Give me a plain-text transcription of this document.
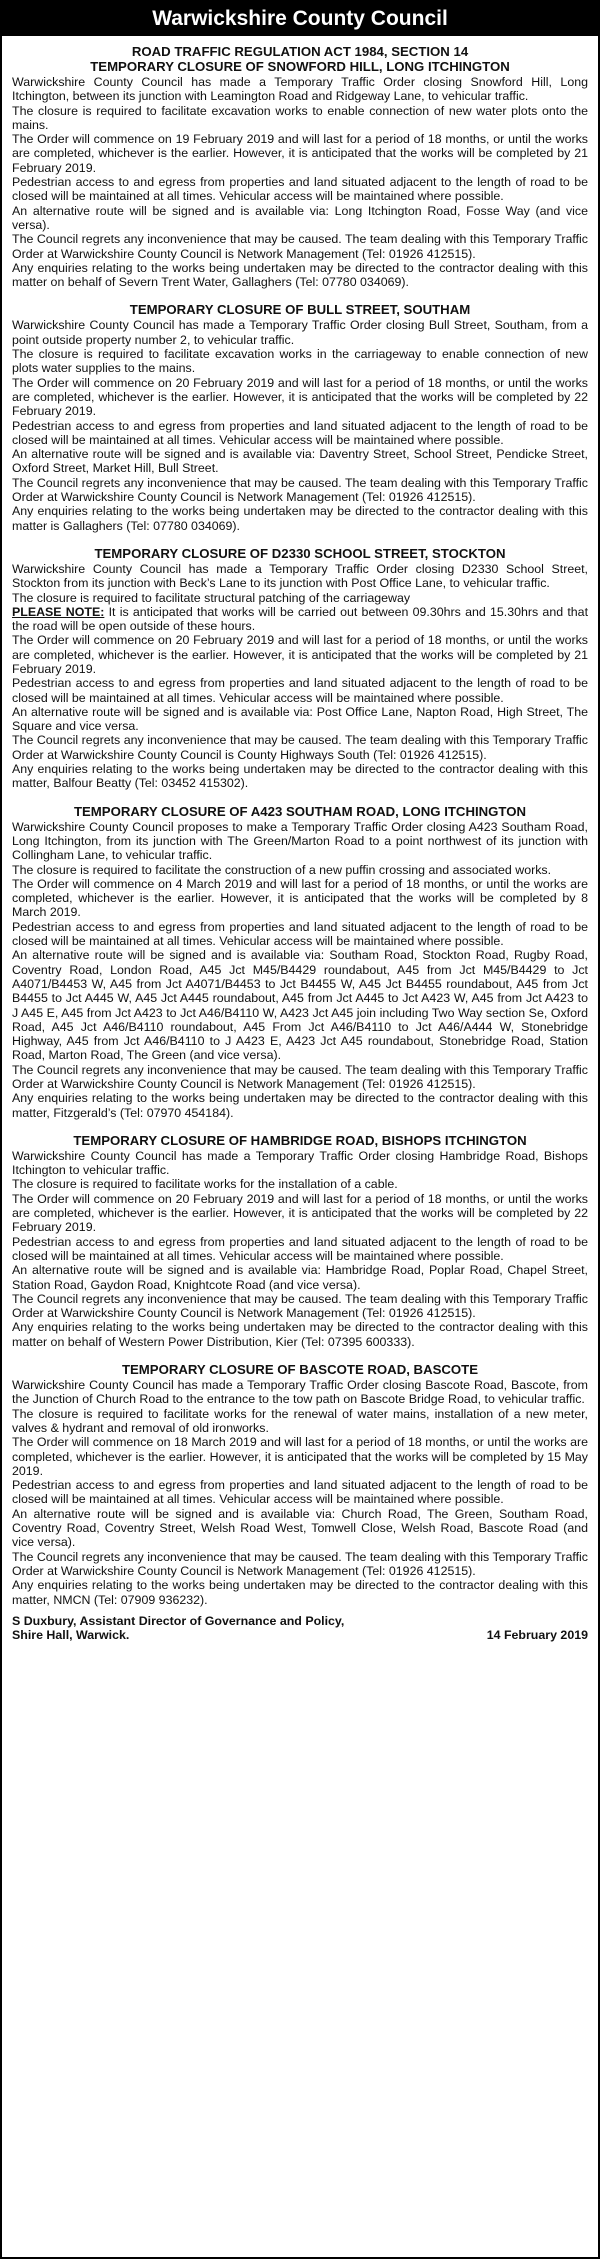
Warwickshire County Council
ROAD TRAFFIC REGULATION ACT 1984, SECTION 14
TEMPORARY CLOSURE OF SNOWFORD HILL, LONG ITCHINGTON

Warwickshire County Council has made a Temporary Traffic Order closing Snowford Hill, Long Itchington, between its junction with Leamington Road and Ridgeway Lane, to vehicular traffic.

The closure is required to facilitate excavation works to enable connection of new water plots onto the mains.

The Order will commence on 19 February 2019 and will last for a period of 18 months, or until the works are completed, whichever is the earlier. However, it is anticipated that the works will be completed by 21 February 2019.

Pedestrian access to and egress from properties and land situated adjacent to the length of road to be closed will be maintained at all times. Vehicular access will be maintained where possible.

An alternative route will be signed and is available via: Long Itchington Road, Fosse Way (and vice versa).

The Council regrets any inconvenience that may be caused. The team dealing with this Temporary Traffic Order at Warwickshire County Council is Network Management (Tel: 01926 412515).

Any enquiries relating to the works being undertaken may be directed to the contractor dealing with this matter on behalf of Severn Trent Water, Gallaghers (Tel: 07780 034069).

TEMPORARY CLOSURE OF BULL STREET, SOUTHAM

Warwickshire County Council has made a Temporary Traffic Order closing Bull Street, Southam, from a point outside property number 2, to vehicular traffic.

The closure is required to facilitate excavation works in the carriageway to enable connection of new plots water supplies to the mains.

The Order will commence on 20 February 2019 and will last for a period of 18 months, or until the works are completed, whichever is the earlier. However, it is anticipated that the works will be completed by 22 February 2019.

Pedestrian access to and egress from properties and land situated adjacent to the length of road to be closed will be maintained at all times. Vehicular access will be maintained where possible.

An alternative route will be signed and is available via: Daventry Street, School Street, Pendicke Street, Oxford Street, Market Hill, Bull Street.

The Council regrets any inconvenience that may be caused. The team dealing with this Temporary Traffic Order at Warwickshire County Council is Network Management (Tel: 01926 412515).

Any enquiries relating to the works being undertaken may be directed to the contractor dealing with this matter is Gallaghers (Tel: 07780 034069).

TEMPORARY CLOSURE OF D2330 SCHOOL STREET, STOCKTON

Warwickshire County Council has made a Temporary Traffic Order closing D2330 School Street, Stockton from its junction with Beck’s Lane to its junction with Post Office Lane, to vehicular traffic.

The closure is required to facilitate structural patching of the carriageway

PLEASE NOTE: It is anticipated that works will be carried out between 09.30hrs and 15.30hrs and that the road will be open outside of these hours.

The Order will commence on 20 February 2019 and will last for a period of 18 months, or until the works are completed, whichever is the earlier. However, it is anticipated that the works will be completed by 21 February 2019.

Pedestrian access to and egress from properties and land situated adjacent to the length of road to be closed will be maintained at all times. Vehicular access will be maintained where possible.

An alternative route will be signed and is available via: Post Office Lane, Napton Road, High Street, The Square and vice versa.

The Council regrets any inconvenience that may be caused. The team dealing with this Temporary Traffic Order at Warwickshire County Council is County Highways South (Tel: 01926 412515).

Any enquiries relating to the works being undertaken may be directed to the contractor dealing with this matter, Balfour Beatty (Tel: 03452 415302).

TEMPORARY CLOSURE OF A423 SOUTHAM ROAD, LONG ITCHINGTON

Warwickshire County Council proposes to make a Temporary Traffic Order closing A423 Southam Road, Long Itchington, from its junction with The Green/Marton Road to a point northwest of its junction with Collingham Lane, to vehicular traffic.

The closure is required to facilitate the construction of a new puffin crossing and associated works.

The Order will commence on 4 March 2019 and will last for a period of 18 months, or until the works are completed, whichever is the earlier. However, it is anticipated that the works will be completed by 8 March 2019.

Pedestrian access to and egress from properties and land situated adjacent to the length of road to be closed will be maintained at all times. Vehicular access will be maintained where possible.

An alternative route will be signed and is available via: Southam Road, Stockton Road, Rugby Road, Coventry Road, London Road, A45 Jct M45/B4429 roundabout, A45 from Jct M45/B4429 to Jct A4071/B4453 W, A45 from Jct A4071/B4453 to Jct B4455 W, A45 Jct B4455 roundabout, A45 from Jct B4455 to Jct A445 W, A45 Jct A445 roundabout, A45 from Jct A445 to Jct A423 W, A45 from Jct A423 to J A45 E, A45 from Jct A423 to Jct A46/B4110 W, A423 Jct A45 join including Two Way section Se, Oxford Road, A45 Jct A46/B4110 roundabout, A45 From Jct A46/B4110 to Jct A46/A444 W, Stonebridge Highway, A45 from Jct A46/B4110 to J A423 E, A423 Jct A45 roundabout, Stonebridge Road, Station Road, Marton Road, The Green (and vice versa).

The Council regrets any inconvenience that may be caused. The team dealing with this Temporary Traffic Order at Warwickshire County Council is Network Management (Tel: 01926 412515).

Any enquiries relating to the works being undertaken may be directed to the contractor dealing with this matter, Fitzgerald’s (Tel: 07970 454184).

TEMPORARY CLOSURE OF HAMBRIDGE ROAD, BISHOPS ITCHINGTON

Warwickshire County Council has made a Temporary Traffic Order closing Hambridge Road, Bishops Itchington to vehicular traffic.

The closure is required to facilitate works for the installation of a cable.

The Order will commence on 20 February 2019 and will last for a period of 18 months, or until the works are completed, whichever is the earlier. However, it is anticipated that the works will be completed by 22 February 2019.

Pedestrian access to and egress from properties and land situated adjacent to the length of road to be closed will be maintained at all times. Vehicular access will be maintained where possible.

An alternative route will be signed and is available via: Hambridge Road, Poplar Road, Chapel Street, Station Road, Gaydon Road, Knightcote Road (and vice versa).

The Council regrets any inconvenience that may be caused. The team dealing with this Temporary Traffic Order at Warwickshire County Council is Network Management (Tel: 01926 412515).

Any enquiries relating to the works being undertaken may be directed to the contractor dealing with this matter on behalf of Western Power Distribution, Kier (Tel: 07395 600333).

TEMPORARY CLOSURE OF BASCOTE ROAD, BASCOTE

Warwickshire County Council has made a Temporary Traffic Order closing Bascote Road, Bascote, from the Junction of Church Road to the entrance to the tow path on Bascote Bridge Road, to vehicular traffic.

The closure is required to facilitate works for the renewal of water mains, installation of a new meter, valves & hydrant and removal of old ironworks.

The Order will commence on 18 March 2019 and will last for a period of 18 months, or until the works are completed, whichever is the earlier. However, it is anticipated that the works will be completed by 15 May 2019.

Pedestrian access to and egress from properties and land situated adjacent to the length of road to be closed will be maintained at all times. Vehicular access will be maintained where possible.

An alternative route will be signed and is available via: Church Road, The Green, Southam Road, Coventry Road, Coventry Street, Welsh Road West, Tomwell Close, Welsh Road, Bascote Road (and vice versa).

The Council regrets any inconvenience that may be caused. The team dealing with this Temporary Traffic Order at Warwickshire County Council is Network Management (Tel: 01926 412515).

Any enquiries relating to the works being undertaken may be directed to the contractor dealing with this matter, NMCN (Tel: 07909 936232).

S Duxbury, Assistant Director of Governance and Policy,
Shire Hall, Warwick.	14 February 2019
